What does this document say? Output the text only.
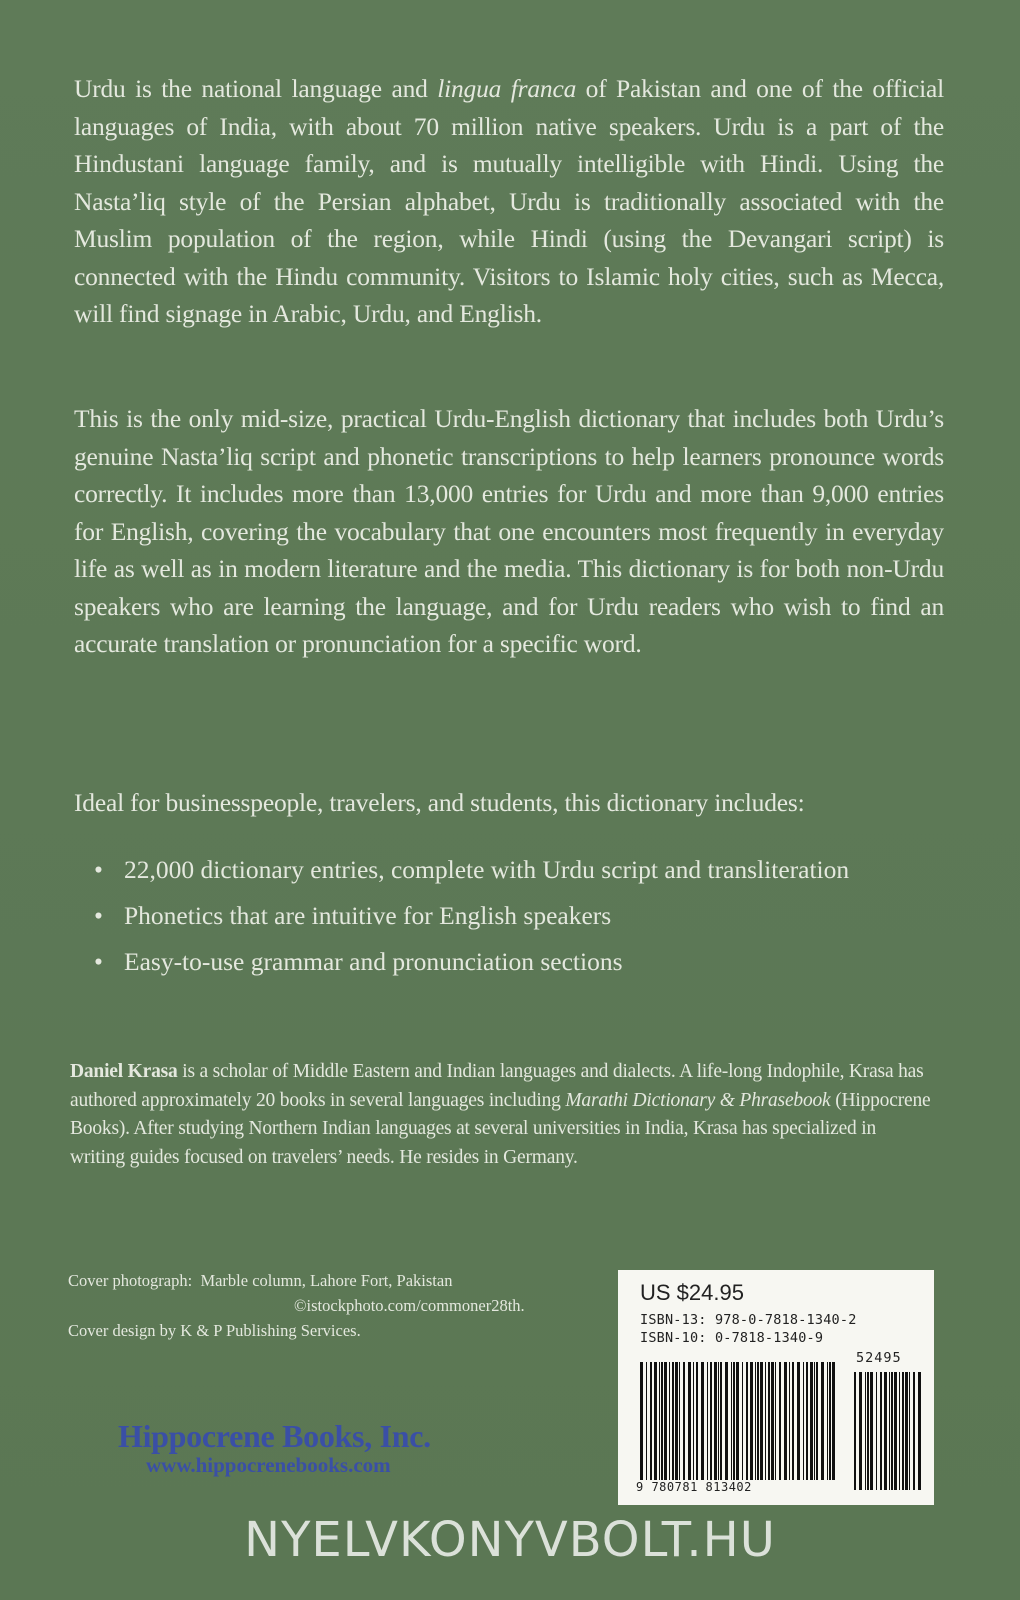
Urdu is the national language and lingua franca of Pakistan and one of the official languages of India, with about 70 million native speakers. Urdu is a part of the Hindustani language family, and is mutually intelligible with Hindi. Using the Nasta’liq style of the Persian alphabet, Urdu is traditionally associated with the Muslim population of the region, while Hindi (using the Devangari script) is connected with the Hindu community. Visitors to Islamic holy cities, such as Mecca, will find signage in Arabic, Urdu, and English.

This is the only mid-size, practical Urdu-English dictionary that includes both Urdu’s genuine Nasta’liq script and phonetic transcriptions to help learners pronounce words correctly. It includes more than 13,000 entries for Urdu and more than 9,000 entries for English, covering the vocabulary that one encounters most frequently in everyday life as well as in modern literature and the media. This dictionary is for both non-Urdu speakers who are learning the language, and for Urdu readers who wish to find an accurate translation or pronunciation for a specific word.

Ideal for businesspeople, travelers, and students, this dictionary includes:

• 22,000 dictionary entries, complete with Urdu script and transliteration
• Phonetics that are intuitive for English speakers
• Easy-to-use grammar and pronunciation sections

Daniel Krasa is a scholar of Middle Eastern and Indian languages and dialects. A life-long Indophile, Krasa has authored approximately 20 books in several languages including Marathi Dictionary & Phrasebook (Hippocrene Books). After studying Northern Indian languages at several universities in India, Krasa has specialized in writing guides focused on travelers’ needs. He resides in Germany.

Cover photograph: Marble column, Lahore Fort, Pakistan
©istockphoto.com/commoner28th.
Cover design by K & P Publishing Services.
Hippocrene Books, Inc.
www.hippocrenebooks.com
US $24.95
ISBN-13: 978-0-7818-1340-2
ISBN-10: 0-7818-1340-9
9 780781 813402
52495
NYELVKONYVBOLT.HU
